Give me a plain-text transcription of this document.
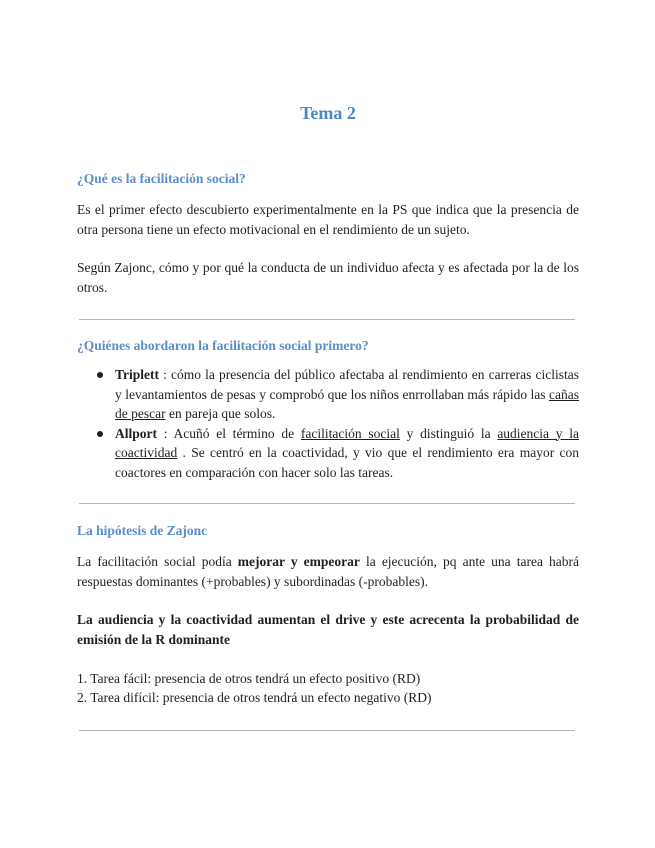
Tema 2
¿Qué es la facilitación social?

Es el primer efecto descubierto experimentalmente en la PS que indica que la presencia de otra persona tiene un efecto motivacional en el rendimiento de un sujeto.

Según Zajonc, cómo y por qué la conducta de un individuo afecta y es afectada por la de los otros.

¿Quiénes abordaron la facilitación social primero?
Triplett : cómo la presencia del público afectaba al rendimiento en carreras ciclistas y levantamientos de pesas y comprobó que los niños enrrollaban más rápido las cañas de pescar en pareja que solos.
Allport : Acuñó el término de facilitación social y distinguió la audiencia y la coactividad . Se centró en la coactividad, y vio que el rendimiento era mayor con coactores en comparación con hacer solo las tareas.
La hipótesis de Zajonc

La facilitación social podía mejorar y empeorar la ejecución, pq ante una tarea habrá respuestas dominantes (+probables) y subordinadas (-probables).

La audiencia y la coactividad aumentan el drive y este acrecenta la probabilidad de emisión de la R dominante

1. Tarea fácil: presencia de otros tendrá un efecto positivo (RD)

2. Tarea difícil: presencia de otros tendrá un efecto negativo (RD)
